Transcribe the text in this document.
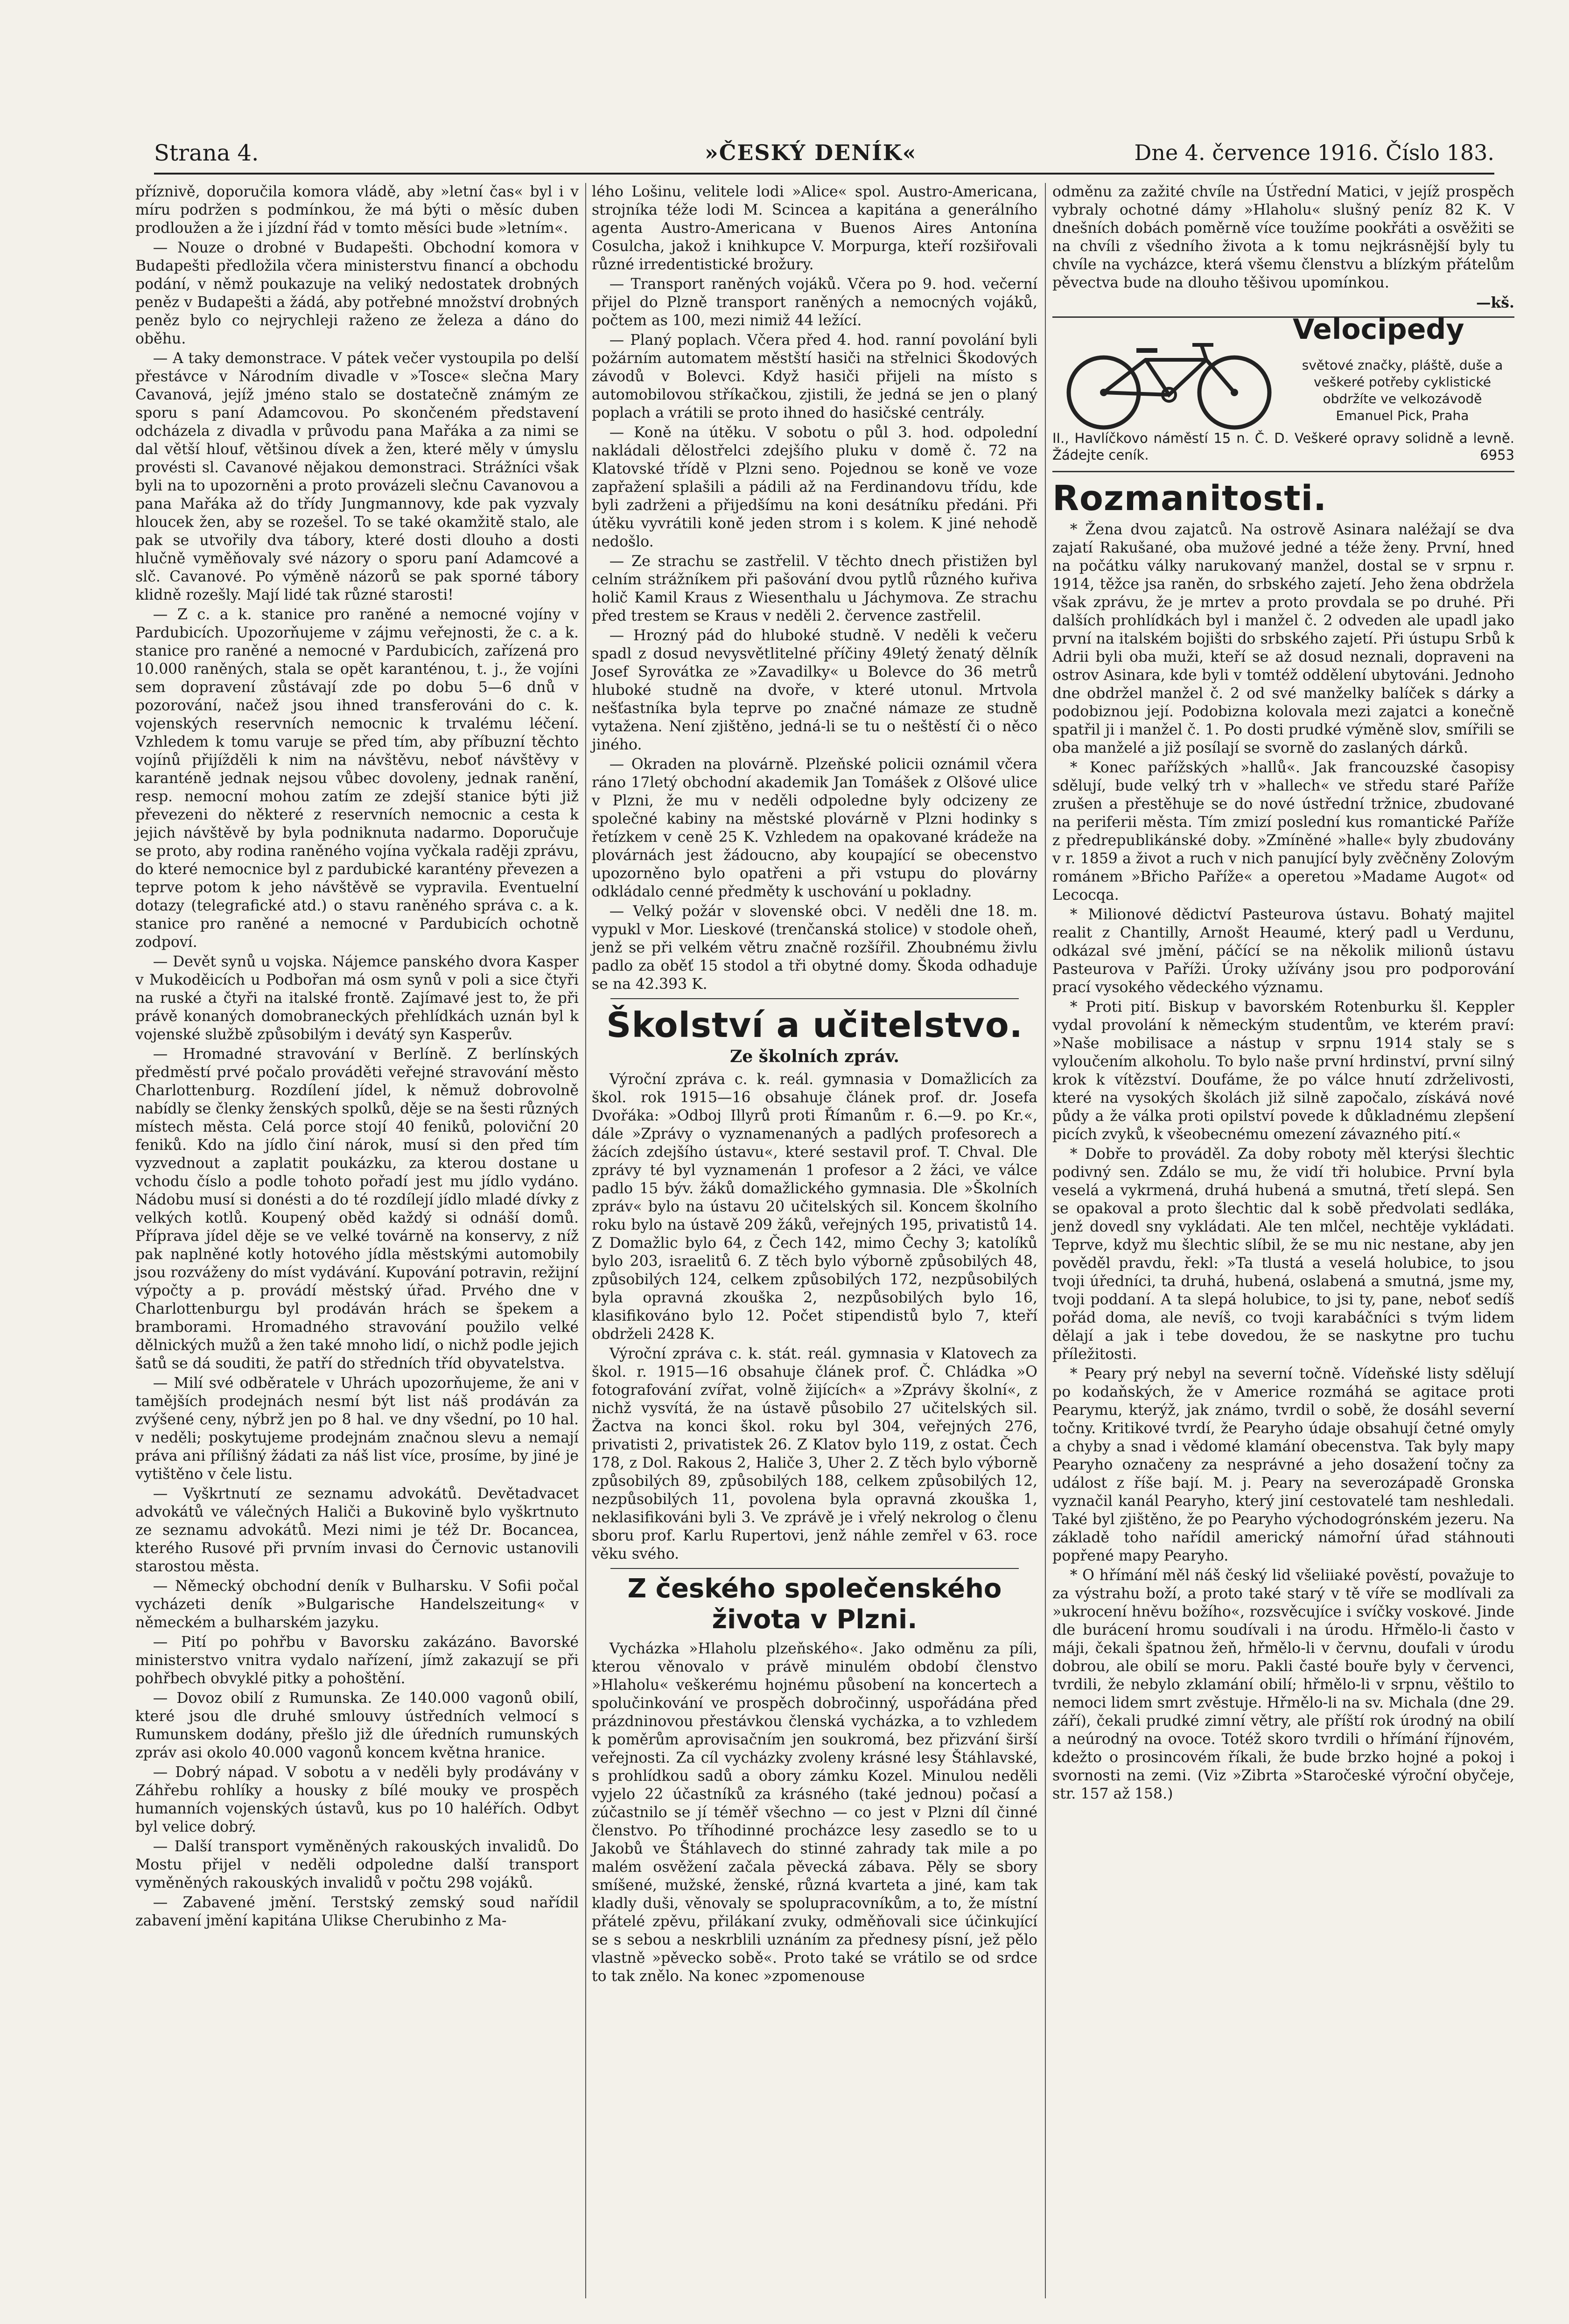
Strana 4.	»ČESKÝ DENÍK«	Dne 4. července 1916. Číslo 183.

příznivě, doporučila komora vládě, aby »letní čas« byl i v míru podržen s podmínkou, že má býti o měsíc duben prodloužen a že i jízdní řád v tomto měsíci bude »letním«.

— Nouze o drobné v Budapešti. Obchodní komora v Budapešti předložila včera ministerstvu financí a obchodu podání, v němž poukazuje na veliký nedostatek drobných peněz v Budapešti a žádá, aby potřebné množství drobných peněz bylo co nejrychleji raženo ze železa a dáno do oběhu.

— A taky demonstrace. V pátek večer vystoupila po delší přestávce v Národním divadle v »Tosce« slečna Mary Cavanová, jejíž jméno stalo se dostatečně známým ze sporu s paní Adamcovou. Po skončeném představení odcházela z divadla v průvodu pana Mařáka a za nimi se dal větší hlouf, většinou dívek a žen, které měly v úmyslu provésti sl. Cavanové nějakou demonstraci. Strážníci však byli na to upozorněni a proto provázeli slečnu Cavanovou a pana Mařáka až do třídy Jungmannovy, kde pak vyzvaly hloucek žen, aby se rozešel. To se také okamžitě stalo, ale pak se utvořily dva tábory, které dosti dlouho a dosti hlučně vyměňovaly své názory o sporu paní Adamcové a slč. Cavanové. Po výměně názorů se pak sporné tábory klidně rozešly. Mají lidé tak různé starosti!

— Z c. a k. stanice pro raněné a nemocné vojíny v Pardubicích. Upozorňujeme v zájmu veřejnosti, že c. a k. stanice pro raněné a nemocné v Pardubicích, zařízená pro 10.000 raněných, stala se opět karanténou, t. j., že vojíni sem dopravení zůstávají zde po dobu 5—6 dnů v pozorování, načež jsou ihned transferováni do c. k. vojenských reservních nemocnic k trvalému léčení. Vzhledem k tomu varuje se před tím, aby příbuzní těchto vojínů přijížděli k nim na návštěvu, neboť návštěvy v karanténě jednak nejsou vůbec dovoleny, jednak ranění, resp. nemocní mohou zatím ze zdejší stanice býti již převezeni do některé z reservních nemocnic a cesta k jejich návštěvě by byla podniknuta nadarmo. Doporučuje se proto, aby rodina raněného vojína vyčkala raději zprávu, do které nemocnice byl z pardubické karantény převezen a teprve potom k jeho návštěvě se vypravila. Eventuelní dotazy (telegrafické atd.) o stavu raněného správa c. a k. stanice pro raněné a nemocné v Pardubicích ochotně zodpoví.

— Devět synů u vojska. Nájemce panského dvora Kasper v Mukoděicích u Podbořan má osm synů v poli a sice čtyři na ruské a čtyři na italské frontě. Zajímavé jest to, že při právě konaných domobraneckých přehlídkách uznán byl k vojenské službě způsobilým i devátý syn Kasperův.

— Hromadné stravování v Berlíně. Z berlínských předměstí prvé počalo prováděti veřejné stravování město Charlottenburg. Rozdílení jídel, k němuž dobrovolně nabídly se členky ženských spolků, děje se na šesti různých místech města. Celá porce stojí 40 feniků, poloviční 20 feniků. Kdo na jídlo činí nárok, musí si den před tím vyzvednout a zaplatit poukázku, za kterou dostane u vchodu číslo a podle tohoto pořadí jest mu jídlo vydáno. Nádobu musí si donésti a do té rozdílejí jídlo mladé dívky z velkých kotlů. Koupený oběd každý si odnáší domů. Příprava jídel děje se ve velké továrně na konservy, z níž pak naplněné kotly hotového jídla městskými automobily jsou rozváženy do míst vydávání. Kupování potravin, režijní výpočty a p. provádí městský úřad. Prvého dne v Charlottenburgu byl prodáván hrách se špekem a bramborami. Hromadného stravování použilo velké dělnických mužů a žen také mnoho lidí, o nichž podle jejich šatů se dá souditi, že patří do středních tříd obyvatelstva.

— Milí své odběratele v Uhrách upozorňujeme, že ani v tamějších prodejnách nesmí být list náš prodáván za zvýšené ceny, nýbrž jen po 8 hal. ve dny všední, po 10 hal. v neděli; poskytujeme prodejnám značnou slevu a nemají práva ani přílišný žádati za náš list více, prosíme, by jiné je vytištěno v čele listu.

— Vyškrtnutí ze seznamu advokátů. Devětadvacet advokátů ve válečných Haliči a Bukovině bylo vyškrtnuto ze seznamu advokátů. Mezi nimi je též Dr. Bocancea, kterého Rusové při prvním invasi do Černovic ustanovili starostou města.

— Německý obchodní deník v Bulharsku. V Sofii počal vycházeti deník »Bulgarische Handelszeitung« v německém a bulharském jazyku.

— Pití po pohřbu v Bavorsku zakázáno. Bavorské ministerstvo vnitra vydalo nařízení, jímž zakazují se při pohřbech obvyklé pitky a pohoštění.

— Dovoz obilí z Rumunska. Ze 140.000 vagonů obilí, které jsou dle druhé smlouvy ústředních velmocí s Rumunskem dodány, přešlo již dle úředních rumunských zpráv asi okolo 40.000 vagonů koncem května hranice.

— Dobrý nápad. V sobotu a v neděli byly prodávány v Záhřebu rohlíky a housky z bílé mouky ve prospěch humanních vojenských ústavů, kus po 10 haléřích. Odbyt byl velice dobrý.

— Další transport vyměněných rakouských invalidů. Do Mostu přijel v neděli odpoledne další transport vyměněných rakouských invalidů v počtu 298 vojáků.

— Zabavené jmění. Terstský zemský soud nařídil zabavení jmění kapitána Ulikse Cherubinho z Ma-

lého Lošinu, velitele lodi »Alice« spol. Austro-Americana, strojníka téže lodi M. Scincea a kapitána a generálního agenta Austro-Americana v Buenos Aires Antonína Cosulcha, jakož i knihkupce V. Morpurga, kteří rozšiřovali různé irredentistické brožury.

— Transport raněných vojáků. Včera po 9. hod. večerní přijel do Plzně transport raněných a nemocných vojáků, počtem as 100, mezi nimiž 44 ležící.

— Planý poplach. Včera před 4. hod. ranní povolání byli požárním automatem městští hasiči na střelnici Škodových závodů v Bolevci. Když hasiči přijeli na místo s automobilovou stříkačkou, zjistili, že jedná se jen o planý poplach a vrátili se proto ihned do hasičské centrály.

— Koně na útěku. V sobotu o půl 3. hod. odpolední nakládali dělostřelci zdejšího pluku v domě č. 72 na Klatovské třídě v Plzni seno. Pojednou se koně ve voze zapřažení splašili a pádili až na Ferdinandovu třídu, kde byli zadrženi a přijedšímu na koni desátníku předáni. Při útěku vyvrátili koně jeden strom i s kolem. K jiné nehodě nedošlo.

— Ze strachu se zastřelil. V těchto dnech přistižen byl celním strážníkem při pašování dvou pytlů různého kuřiva holič Kamil Kraus z Wiesenthalu u Jáchymova. Ze strachu před trestem se Kraus v neděli 2. července zastřelil.

— Hrozný pád do hluboké studně. V neděli k večeru spadl z dosud nevysvětlitelné příčiny 49letý ženatý dělník Josef Syrovátka ze »Zavadilky« u Bolevce do 36 metrů hluboké studně na dvoře, v které utonul. Mrtvola nešťastníka byla teprve po značné námaze ze studně vytažena. Není zjištěno, jedná-li se tu o neštěstí či o něco jiného.

— Okraden na plovárně. Plzeňské policii oznámil včera ráno 17letý obchodní akademik Jan Tomášek z Olšové ulice v Plzni, že mu v neděli odpoledne byly odcizeny ze společné kabiny na městské plovárně v Plzni hodinky s řetízkem v ceně 25 K. Vzhledem na opakované krádeže na plovárnách jest žádoucno, aby koupající se obecenstvo upozorněno bylo opatřeni a při vstupu do plovárny odkládalo cenné předměty k uschování u pokladny.

— Velký požár v slovenské obci. V neděli dne 18. m. vypukl v Mor. Lieskové (trenčanská stolice) v stodole oheň, jenž se při velkém větru značně rozšířil. Zhoubnému živlu padlo za oběť 15 stodol a tři obytné domy. Škoda odhaduje se na 42.393 K.

Školství a učitelstvo.
Ze školních zpráv.

Výroční zpráva c. k. reál. gymnasia v Domažlicích za škol. rok 1915—16 obsahuje článek prof. dr. Josefa Dvořáka: »Odboj Illyrů proti Římanům r. 6.—9. po Kr.«, dále »Zprávy o vyznamenaných a padlých profesorech a žácích zdejšího ústavu«, které sestavil prof. T. Chval. Dle zprávy té byl vyznamenán 1 profesor a 2 žáci, ve válce padlo 15 býv. žáků domažlického gymnasia. Dle »Školních zpráv« bylo na ústavu 20 učitelských sil. Koncem školního roku bylo na ústavě 209 žáků, veřejných 195, privatistů 14. Z Domažlic bylo 64, z Čech 142, mimo Čechy 3; katolíků bylo 203, israelitů 6. Z těch bylo výborně způsobilých 48, způsobilých 124, celkem způsobilých 172, nezpůsobilých byla opravná zkouška 2, nezpůsobilých bylo 16, klasifikováno bylo 12. Počet stipendistů bylo 7, kteří obdrželi 2428 K.

Výroční zpráva c. k. stát. reál. gymnasia v Klatovech za škol. r. 1915—16 obsahuje článek prof. Č. Chládka »O fotografování zvířat, volně žijících« a »Zprávy školní«, z nichž vysvítá, že na ústavě působilo 27 učitelských sil. Žactva na konci škol. roku byl 304, veřejných 276, privatisti 2, privatistek 26. Z Klatov bylo 119, z ostat. Čech 178, z Dol. Rakous 2, Haliče 3, Uher 2. Z těch bylo výborně způsobilých 89, způsobilých 188, celkem způsobilých 12, nezpůsobilých 11, povolena byla opravná zkouška 1, neklasifikováni byli 3. Ve zprávě je i vřelý nekrolog o členu sboru prof. Karlu Rupertovi, jenž náhle zemřel v 63. roce věku svého.

Z českého společenského života v Plzni.

Vycházka »Hlaholu plzeňského«. Jako odměnu za píli, kterou věnovalo v právě minulém období členstvo »Hlaholu« veškerému hojnému působení na koncertech a spolučinkování ve prospěch dobročinný, uspořádána před prázdninovou přestávkou členská vycházka, a to vzhledem k poměrům aprovisačním jen soukromá, bez přizvání širší veřejnosti. Za cíl vycházky zvoleny krásné lesy Štáhlavské, s prohlídkou sadů a obory zámku Kozel. Minulou neděli vyjelo 22 účastníků za krásného (také jednou) počasí a zúčastnilo se jí téměř všechno — co jest v Plzni díl činné členstvo. Po tříhodinné procházce lesy zasedlo se to u Jakobů ve Štáhlavech do stinné zahrady tak mile a po malém osvěžení začala pěvecká zábava. Pěly se sbory smíšené, mužské, ženské, různá kvarteta a jiné, kam tak kladly duši, věnovaly se spolupracovníkům, a to, že místní přátelé zpěvu, přilákaní zvuky, odměňovali sice účinkující se s sebou a neskrblili uznáním za přednesy písní, jež pělo vlastně »pěvecko sobě«. Proto také se vrátilo se od srdce to tak znělo. Na konec »zpomenouse

odměnu za zažité chvíle na Ústřední Matici, v jejíž prospěch vybraly ochotné dámy »Hlaholu« slušný peníz 82 K. V dnešních dobách poměrně více toužíme pookřáti a osvěžiti se na chvíli z všedního života a k tomu nejkrásnější byly tu chvíle na vycházce, která všemu členstvu a blízkým přátelům pěvectva bude na dlouho těšivou upomínkou.

—kš.
Velocipedy
světové značky, pláště, duše a veškeré potřeby cyklistické obdržíte ve velkozávodě Emanuel Pick, Praha
II., Havlíčkovo náměstí 15 n. Č. D. Veškeré opravy solidně a levně. Žádejte ceník.	6953
Rozmanitosti.

* Žena dvou zajatců. Na ostrově Asinara naléžají se dva zajatí Rakušané, oba mužové jedné a téže ženy. První, hned na počátku války narukovaný manžel, dostal se v srpnu r. 1914, těžce jsa raněn, do srbského zajetí. Jeho žena obdržela však zprávu, že je mrtev a proto provdala se po druhé. Při dalších prohlídkách byl i manžel č. 2 odveden ale upadl jako první na italském bojišti do srbského zajetí. Při ústupu Srbů k Adrii byli oba muži, kteří se až dosud neznali, dopraveni na ostrov Asinara, kde byli v tomtéž oddělení ubytováni. Jednoho dne obdržel manžel č. 2 od své manželky balíček s dárky a podobiznou její. Podobizna kolovala mezi zajatci a konečně spatřil ji i manžel č. 1. Po dosti prudké výměně slov, smířili se oba manželé a již posílají se svorně do zaslaných dárků.

* Konec pařížských »hallů«. Jak francouzské časopisy sdělují, bude velký trh v »hallech« ve středu staré Paříže zrušen a přestěhuje se do nové ústřední tržnice, zbudované na periferii města. Tím zmizí poslední kus romantické Paříže z předrepublikánské doby. »Zmíněné »halle« byly zbudovány v r. 1859 a život a ruch v nich panující byly zvěčněny Zolovým románem »Břicho Paříže« a operetou »Madame Augot« od Lecocqa.

* Milionové dědictví Pasteurova ústavu. Bohatý majitel realit z Chantilly, Arnošt Heaumé, který padl u Verdunu, odkázal své jmění, páčící se na několik milionů ústavu Pasteurova v Paříži. Úroky užívány jsou pro podporování prací vysokého vědeckého významu.

* Proti pití. Biskup v bavorském Rotenburku šl. Keppler vydal provolání k německým studentům, ve kterém praví: »Naše mobilisace a nástup v srpnu 1914 staly se s vyloučením alkoholu. To bylo naše první hrdinství, první silný krok k vítězství. Doufáme, že po válce hnutí zdrželivosti, které na vysokých školách již silně započalo, získává nové půdy a že válka proti opilství povede k důkladnému zlepšení picích zvyků, k všeobecnému omezení závazného pití.«

* Dobře to prováděl. Za doby roboty měl kterýsi šlechtic podivný sen. Zdálo se mu, že vidí tři holubice. První byla veselá a vykrmená, druhá hubená a smutná, třetí slepá. Sen se opakoval a proto šlechtic dal k sobě předvolati sedláka, jenž dovedl sny vykládati. Ale ten mlčel, nechtěje vykládati. Teprve, když mu šlechtic slíbil, že se mu nic nestane, aby jen pověděl pravdu, řekl: »Ta tlustá a veselá holubice, to jsou tvoji úředníci, ta druhá, hubená, oslabená a smutná, jsme my, tvoji poddaní. A ta slepá holubice, to jsi ty, pane, neboť sedíš pořád doma, ale nevíš, co tvoji karabáčníci s tvým lidem dělají a jak i tebe dovedou, že se naskytne pro tuchu příležitosti.

* Peary prý nebyl na severní točně. Vídeňské listy sdělují po kodaňských, že v Americe rozmáhá se agitace proti Pearymu, kterýž, jak známo, tvrdil o sobě, že dosáhl severní točny. Kritikové tvrdí, že Pearyho údaje obsahují četné omyly a chyby a snad i vědomé klamání obecenstva. Tak byly mapy Pearyho označeny za nesprávné a jeho dosažení točny za událost z říše bají. M. j. Peary na severozápadě Gronska vyznačil kanál Pearyho, který jiní cestovatelé tam neshledali. Také byl zjištěno, že po Pearyho východogrónském jezeru. Na základě toho nařídil americký námořní úřad stáhnouti popřené mapy Pearyho.

* O hřímání měl náš český lid všeliiaké pověstí, považuje to za výstrahu boží, a proto také starý v tě víře se modlívali za »ukrocení hněvu božího«, rozsvěcujíce i svíčky voskové. Jinde dle burácení hromu soudívali i na úrodu. Hřmělo-li často v máji, čekali špatnou žeň, hřmělo-li v červnu, doufali v úrodu dobrou, ale obilí se moru. Pakli časté bouře byly v červenci, tvrdili, že nebylo zklamání obilí; hřmělo-li v srpnu, věštilo to nemoci lidem smrt zvěstuje. Hřmělo-li na sv. Michala (dne 29. září), čekali prudké zimní větry, ale příští rok úrodný na obilí a neúrodný na ovoce. Totéž skoro tvrdili o hřímání říjnovém, kdežto o prosincovém říkali, že bude brzko hojné a pokoj i svornosti na zemi. (Viz »Zibrta »Staročeské výroční obyčeje, str. 157 až 158.)
